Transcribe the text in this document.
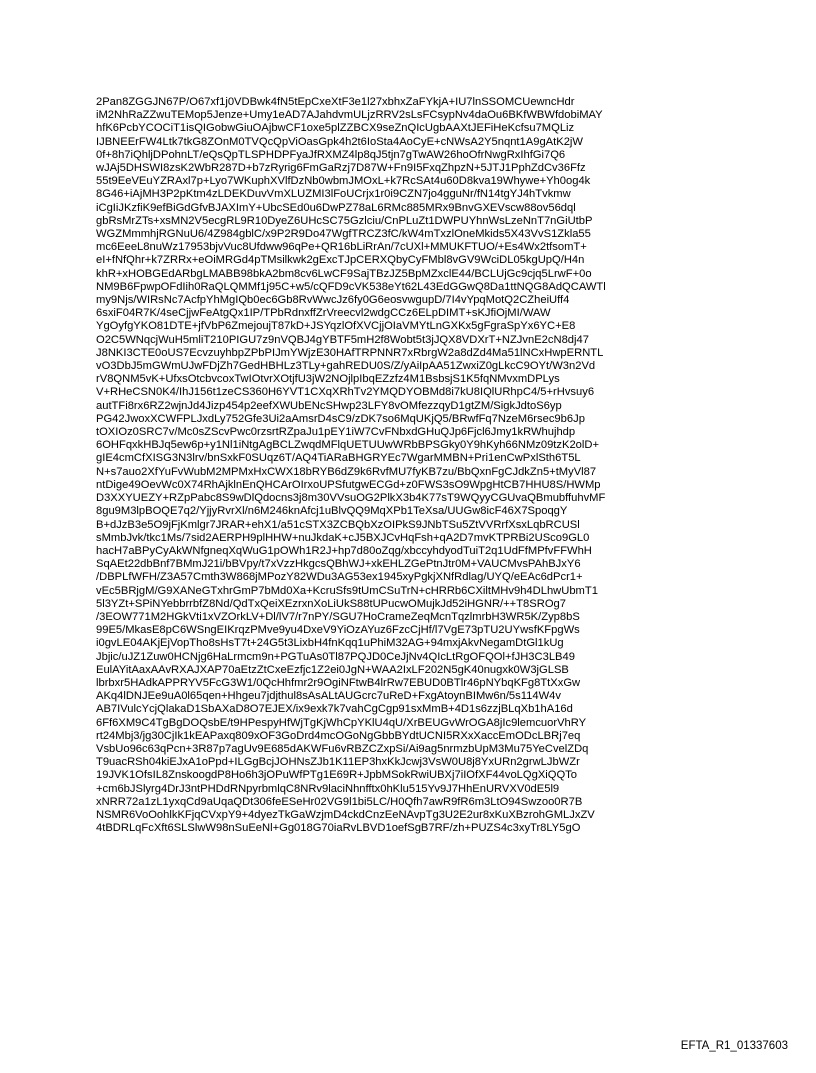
2Pan8ZGGJN67P/O67xf1j0VDBwk4fN5tEpCxeXtF3e1l27xbhxZaFYkjA+IU7lnSSOMCUewncHdr
iM2NhRaZZwuTEMop5Jenze+Umy1eAD7AJahdvmULjzRRV2sLsFCsypNv4daOu6BKfWBWfdobiMAY
hfK6PcbYCOCiT1isQIGobwGiuOAjbwCF1oxe5plZZBCX9seZnQIcUgbAAXtJEFiHeKcfsu7MQLiz
IJBNEErFW4Ltk7tkG8ZOnM0TVQcQpViOasGpk4h2t6IoSta4AoCyE+cNWsA2Y5nqnt1A9gAtK2jW
0f+8h7iQhljDPohnLT/eQsQpTLSPHDPFyaJfRXMZ4lp8qJ5tjn7gTwAW26hoOfrNwgRxIhfGi7Q6
wJAj5DHSWI8zsK2WbR287D+b7zRyrig6FmGaRzj7D87W+Fn9I5FxqZhpzN+5JTJ1PphZdCv36Ffz
55t9EeVEuYZRAxl7p+Lyo7WKuphXVlfDzNb0wbmJMOxL+k7RcSAt4u60D8kva19Whywe+Yh0og4k
8G46+iAjMH3P2pKtm4zLDEKDuvVmXLUZMI3lFoUCrjx1r0i9CZN7jo4gguNr/fN14tgYJ4hTvkmw
iCgIiJKzfiK9efBiGdGfvBJAXImY+UbcSEd0u6DwPZ78aL6RMc885MRx9BnvGXEVscw88ov56dql
gbRsMrZTs+xsMN2V5ecgRL9R10DyeZ6UHcSC75Gzlciu/CnPLuZt1DWPUYhnWsLzeNnT7nGiUtbP
WGZMmmhjRGNuU6/4Z984gblC/x9P2R9Do47WgfTRCZ3fC/kW4mTxzlOneMkids5X43VvS1Zkla55
mc6EeeL8nuWz17953bjvVuc8Ufdww96qPe+QR16bLiRrAn/7cUXl+MMUKFTUO/+Es4Wx2tfsomT+
eI+fNfQhr+k7ZRRx+eOiMRGd4pTMsilkwk2gExcTJpCERXQbyCyFMbl8vGV9WciDL05kgUpQ/H4n
khR+xHOBGEdARbgLMABB98bkA2bm8cv6LwCF9SajTBzJZ5BpMZxclE44/BCLUjGc9cjq5LrwF+0o
NM9B6FpwpOFdIih0RaQLQMMf1j95C+w5/cQFD9cVK538eYt62L43EdGGwQ8Da1ttNQG8AdQCAWTl
my9Njs/WIRsNc7AcfpYhMgIQb0ec6Gb8RvWwcJz6fy0G6eosvwgupD/7I4vYpqMotQ2CZheiUff4
6sxiF04R7K/4seCjjwFeAtgQx1IP/TPbRdnxffZrVreecvl2wdgCCz6ELpDIMT+sKJfiOjMI/WAW
YgOyfgYKO81DTE+jfVbP6ZmejoujT87kD+JSYqzlOfXVCjjOIaVMYtLnGXKx5gFgraSpYx6YC+E8
O2C5WNqcjWuH5mliT210PIGU7z9nVQBJ4gYBTF5mH2f8Wobt5t3jJQX8VDXrT+NZJvnE2cN8dj47
J8NKI3CTE0oUS7EcvzuyhbpZPbPIJmYWjzE30HAfTRPNNR7xRbrgW2a8dZd4Ma51lNCxHwpERNTL
vO3DbJ5mGWmUJwFDjZh7GedHBHLz3TLy+gahREDU0S/Z/yAiIpAA51ZwxiZ0gLkcC9OYt/W3n2Vd
rV8QNM5vK+UfxsOtcbvcoxTwIOtvrXOtjfU3jW2NOjlpIbqEZzfz4M1BsbsjS1K5fqNMvxmDPLys
V+RHeCSN0K4/IhJ156t1zeCS360H6YVT1CXqXRhTv2YMQDYOBMd8i7kU8IQlURhpC4/5+rHvsuy6
autTFi8rx6RZ2wjnJd4Jizp454p2eefXWUbENcSHwp23LFY8vOMfezzqyD1gtZM/SigkJdtoS6yp
PG42JwoxXCWFPLJxdLy752Gfe3Ui2aAmsrD4sC9/zDK7so6MqUKjQ5/BRwfFq7NzeM6rsec9b6Jp
tOXIOz0SRC7v/Mc0sZScvPwc0rzsrtRZpaJu1pEY1iW7CvFNbxdGHuQJp6Fjcl6Jmy1kRWhujhdp
6OHFqxkHBJq5ew6p+y1Nl1iNtgAgBCLZwqdMFlqUETUUwWRbBPSGky0Y9hKyh66NMz09tzK2olD+
gIE4cmCfXISG3N3lrv/bnSxkF0SUqz6T/AQ4TiARaBHGRYEc7WgarMMBN+Pri1enCwPxlSth6T5L
N+s7auo2XfYuFvWubM2MPMxHxCWX18bRYB6dZ9k6RvfMU7fyKB7zu/BbQxnFgCJdkZn5+tMyVl87
ntDige49OevWc0X74RhAjklnEnQHCArOIrxoUPSfutgwECGd+z0FWS3sO9WpgHtCB7HHU8S/HWMp
D3XXYUEZY+RZpPabc8S9wDlQdocns3j8m30VVsuOG2PlkX3b4K77sT9WQyyCGUvaQBmubffuhvMF
8gu9M3lpBOQE7q2/YjjyRvrXl/n6M246knAfcj1uBlvQQ9MqXPb1TeXsa/UUGw8icF46X7SpoqgY
B+dJzB3e5O9jFjKmlgr7JRAR+ehX1/a51cSTX3ZCBQbXzOIPkS9JNbTSu5ZtVVRrfXsxLqbRCUSl
sMmbJvk/tkc1Ms/7sid2AERPH9plHHW+nuJkdaK+cJ5BXJCvHqFsh+qA2D7mvKTPRBi2USco9GL0
hacH7aBPyCyAkWNfgneqXqWuG1pOWh1R2J+hp7d80oZqg/xbccyhdyodTuiT2q1UdFfMPfvFFWhH
SqAEt22dbBnf7BMmJ21i/bBVpy/t7xVzzHkgcsQBhWJ+xkEHLZGePtnJtr0M+VAUCMvsPAhBJxY6
/DBPLfWFH/Z3A57Cmth3W868jMPozY82WDu3AG53ex1945xyPgkjXNfRdlag/UYQ/eEAc6dPcr1+
vEc5BRjgM/G9XANeGTxhrGmP7bMd0Xa+KcruSfs9tUmCSuTrN+cHRRb6CXiltMHv9h4DLhwUbmT1
5l3YZt+SPiNYebbrrbfZ8Nd/QdTxQeiXEzrxnXoLiUkS88tUPucwOMujkJd52iHGNR/++T8SROg7
/3EOW771M2HGkVti1xVZOrkLV+Dl/lV7/r7nPY/SGU7HoCrameZeqMcnTqzlmrbH3WR5K/Zyp8bS
99E5/MkasE8pC6WSngEIKrqzPMve9yu4DxeV9YiOzAYuz6FzcCjHf/l7VgE73pTU2UYwsfKFpgWs
i0gvLE04AKjEjVopTho8sHsT7t+24G5t3LixbH4fnKqq1uPhiM32AG+94mxjAkvNegamDtGl1kUg
Jbjic/uJZ1Zuw0HCNjg6HaLrmcm9n+PGTuAs0Tl87PQJD0CeJjNv4QIcLtRgOFQOl+fJH3C3LB49
EulAYitAaxAAvRXAJXAP70aEtzZtCxeEzfjc1Z2ei0JgN+WAA2IxLF202N5gK40nugxk0W3jGLSB
lbrbxr5HAdkAPPRYV5FcG3W1/0QcHhfmr2r9OgiNFtwB4lrRw7EBUD0BTlr46pNYbqKFg8TtXxGw
AKq4lDNJEe9uA0l65qen+Hhgeu7jdjthul8sAsALtAUGcrc7uReD+FxgAtoynBIMw6n/5s114W4v
AB7IVulcYcjQlakaD1SbAXaD8O7EJEX/ix9exk7k7vahCgCgp91sxMmB+4D1s6zzjBLqXb1hA16d
6Ff6XM9C4TgBgDOQsbE/t9HPespyHfWjTgKjWhCpYKlU4qU/XrBEUGvWrOGA8jIc9lemcuorVhRY
rt24Mbj3/jg30CjIk1kEAPaxq809xOF3GoDrd4mcOGoNgGbbBYdtUCNI5RXxXaccEmODcLBRj7eq
VsbUo96c63qPcn+3R87p7agUv9E685dAKWFu6vRBZCZxpSi/Ai9ag5nrmzbUpM3Mu75YeCvelZDq
T9uacRSh04kiEJxA1oPpd+ILGgBcjJOHNsZJb1K11EP3hxKkJcwj3VsW0U8j8YxURn2grwLJbWZr
19JVK1OfsIL8ZnskoogdP8Ho6h3jOPuWfPTg1E69R+JpbMSokRwiUBXj7iIOfXF44voLQgXiQQTo
+cm6bJSlyrg4DrJ3ntPHDdRNpyrbmlqC8NRv9laciNhnfftx0hKlu515Yv9J7HhEnURVXV0dE5l9
xNRR72a1zL1yxqCd9aUqaQDt306feESeHr02VG9l1bi5LC/H0Qfh7awR9fR6m3LtO94Swzoo0R7B
NSMR6VoOohlkKFjqCVxpY9+4dyezTkGaWzjmD4ckdCnzEeNAvpTg3U2E2ur8xKuXBzrohGMLJxZV
4tBDRLqFcXft6SLSlwW98nSuEeNl+Gg018G70iaRvLBVD1oefSgB7RF/zh+PUZS4c3xyTr8LY5gO
EFTA_R1_01337603
